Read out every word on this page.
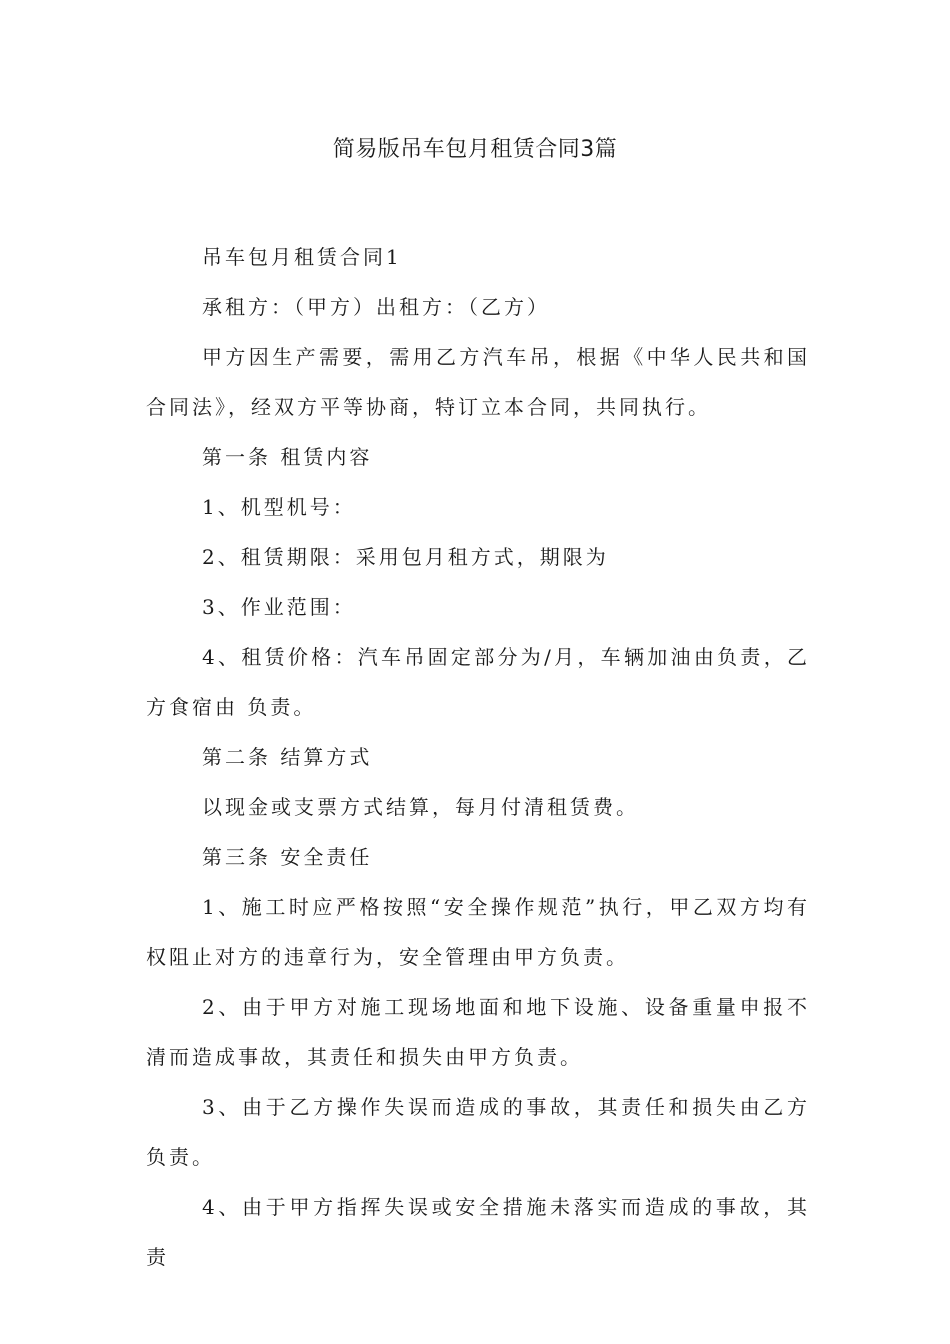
简易版吊车包月租赁合同3篇

吊车包月租赁合同1

承租方：（甲方）出租方：（乙方）

甲方因生产需要，需用乙方汽车吊，根据《中华人民共和国合同法》，经双方平等协商，特订立本合同，共同执行。

第一条 租赁内容

1、机型机号：

2、租赁期限：采用包月租方式，期限为

3、作业范围：

4、租赁价格：汽车吊固定部分为/月，车辆加油由负责，乙方食宿由 负责。

第二条 结算方式

以现金或支票方式结算，每月付清租赁费。

第三条 安全责任

1、施工时应严格按照“安全操作规范”执行，甲乙双方均有权阻止对方的违章行为，安全管理由甲方负责。

2、由于甲方对施工现场地面和地下设施、设备重量申报不清而造成事故，其责任和损失由甲方负责。

3、由于乙方操作失误而造成的事故，其责任和损失由乙方负责。

4、由于甲方指挥失误或安全措施未落实而造成的事故，其责
